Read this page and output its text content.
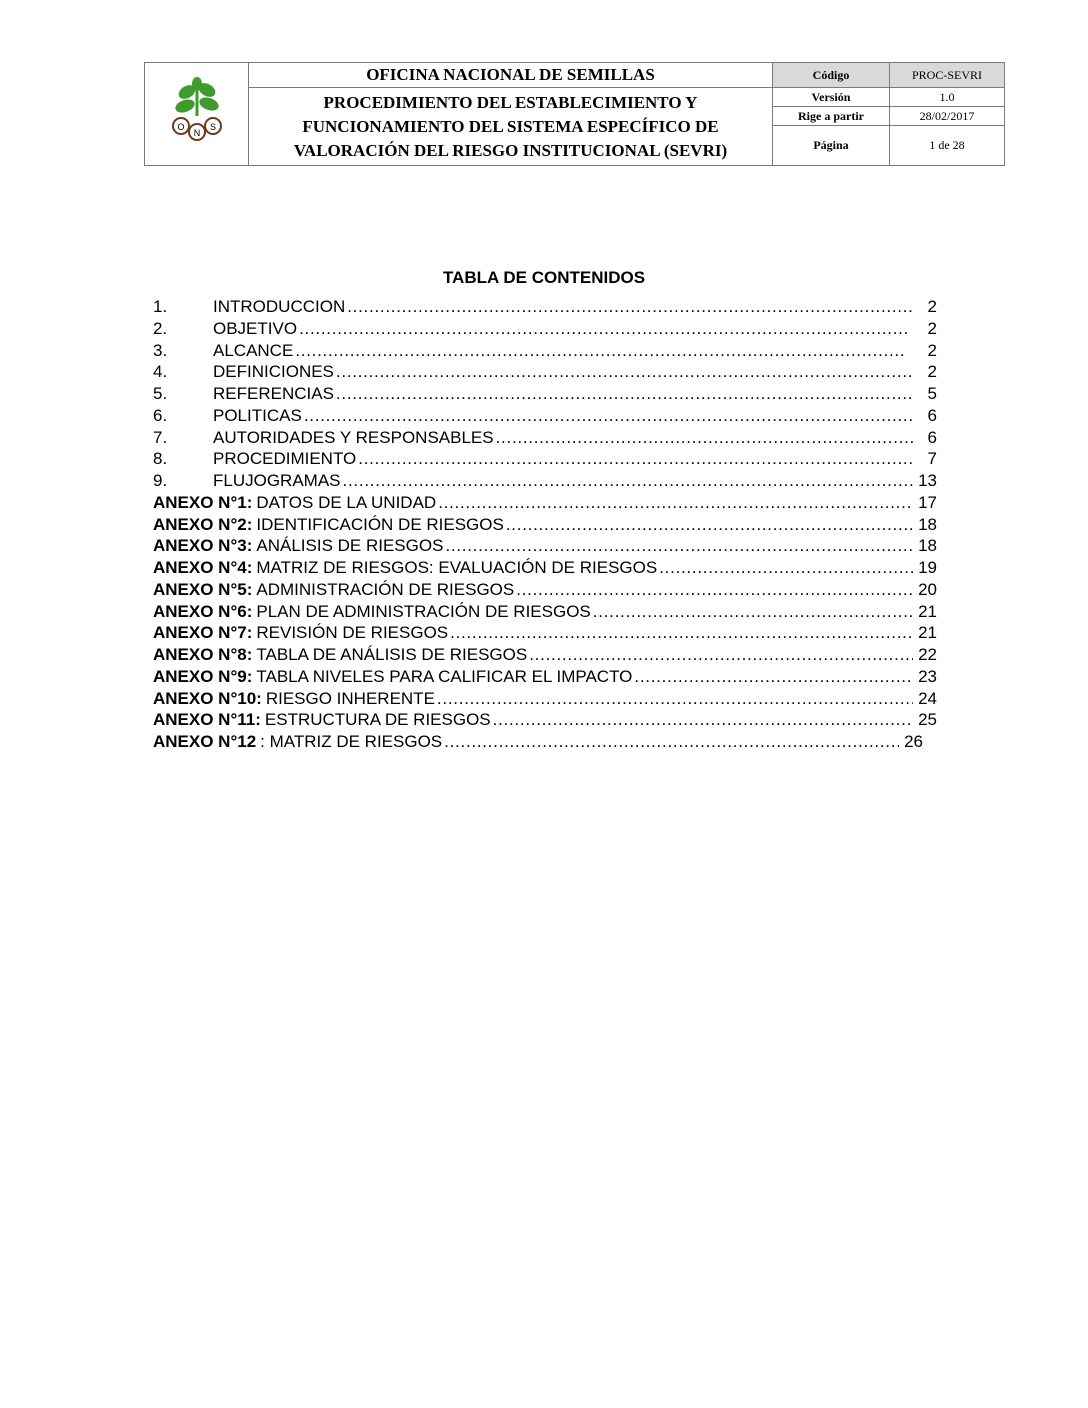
O
N
S	OFICINA NACIONAL DE SEMILLAS	Código	PROC-SEVRI
	PROCEDIMIENTO DEL ESTABLECIMIENTO Y FUNCIONAMIENTO DEL SISTEMA ESPECÍFICO DE VALORACIÓN DEL RIESGO INSTITUCIONAL (SEVRI)	Versión	1.0
		Rige a partir	28/02/2017
		Página	1 de 28
TABLA DE CONTENIDOS
1.	INTRODUCCION . . .	2
2.	OBJETIVO . . .	2
3.	ALCANCE . . .	2
4.	DEFINICIONES . . .	2
5.	REFERENCIAS . . .	5
6.	POLITICAS . . .	6
7.	AUTORIDADES Y RESPONSABLES . . .	6
8.	PROCEDIMIENTO . . .	7
9.	FLUJOGRAMAS . . .	13
ANEXO N°1: DATOS DE LA UNIDAD . . .	17
ANEXO N°2: IDENTIFICACIÓN DE RIESGOS . . .	18
ANEXO N°3: ANÁLISIS DE RIESGOS . . .	18
ANEXO N°4: MATRIZ DE RIESGOS: EVALUACIÓN DE RIESGOS . . .	19
ANEXO N°5: ADMINISTRACIÓN DE RIESGOS . . .	20
ANEXO N°6: PLAN DE ADMINISTRACIÓN DE RIESGOS . . .	21
ANEXO N°7: REVISIÓN DE RIESGOS . . .	21
ANEXO N°8: TABLA DE ANÁLISIS DE RIESGOS . . .	22
ANEXO N°9: TABLA NIVELES PARA CALIFICAR EL IMPACTO . . .	23
ANEXO N°10: RIESGO INHERENTE . . .	24
ANEXO N°11: ESTRUCTURA DE RIESGOS . . .	25
ANEXO N°12 : MATRIZ DE RIESGOS . . .	26
